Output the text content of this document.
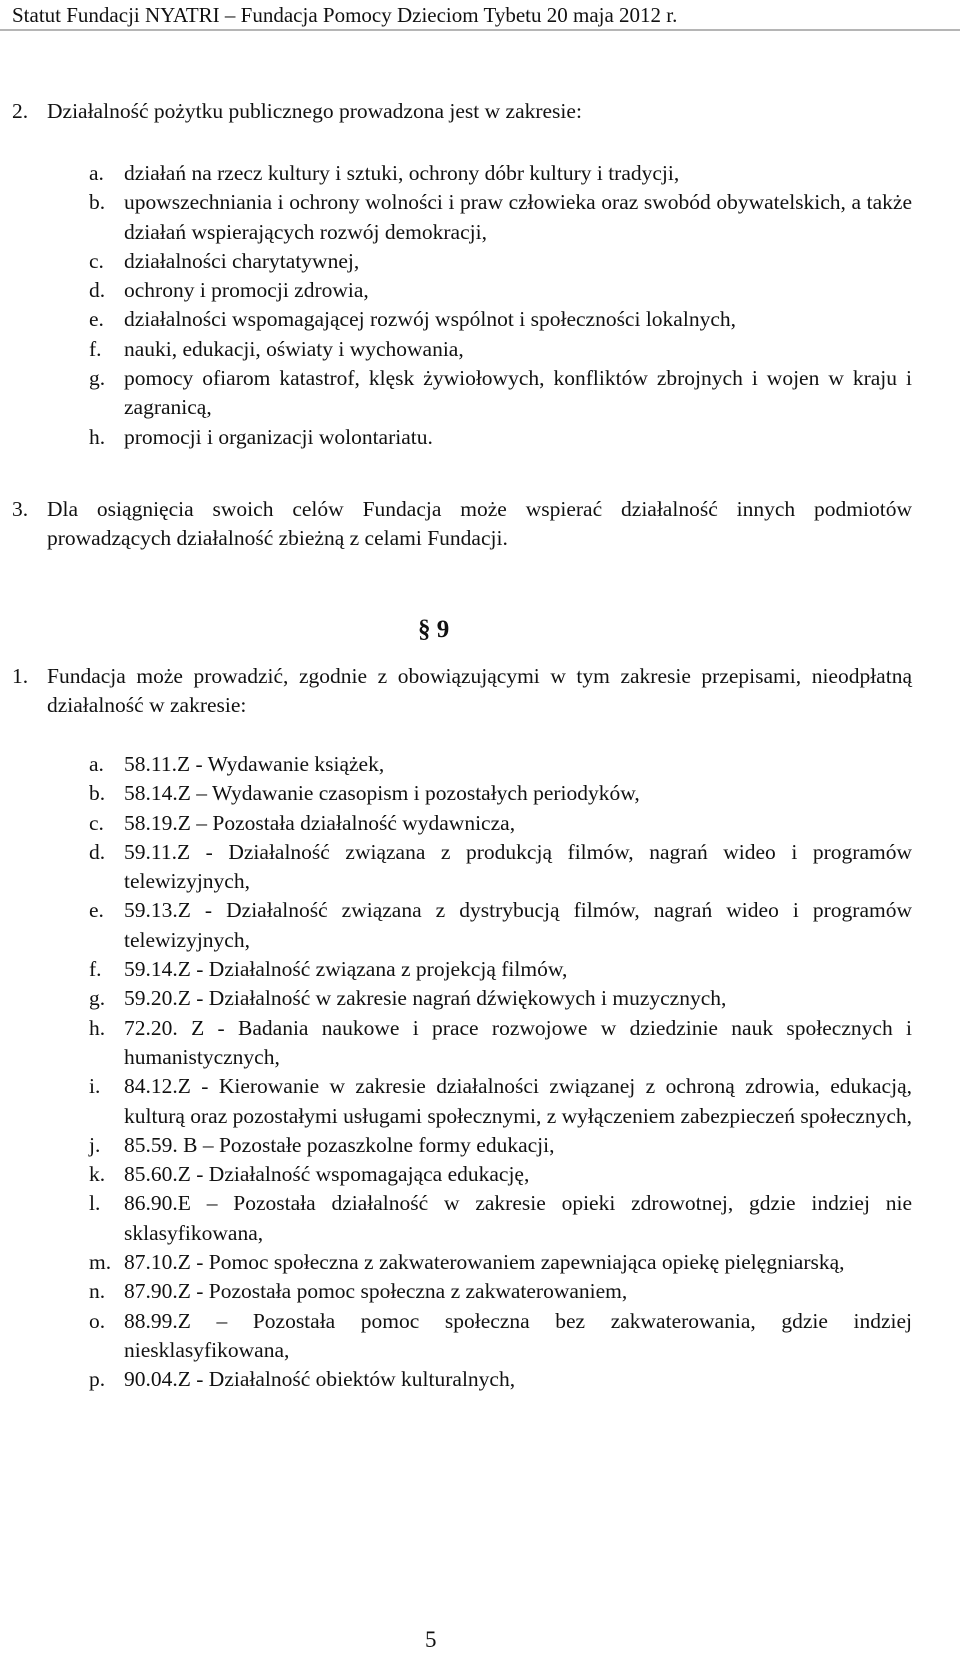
Statut Fundacji NYATRI – Fundacja Pomocy Dzieciom Tybetu 20 maja 2012 r.
2. Działalność pożytku publicznego prowadzona jest w zakresie:
a. działań na rzecz kultury i sztuki, ochrony dóbr kultury i tradycji,
b. upowszechniania i ochrony wolności i praw człowieka oraz swobód obywatelskich, a także działań wspierających rozwój demokracji,
c. działalności charytatywnej,
d. ochrony i promocji zdrowia,
e. działalności wspomagającej rozwój wspólnot i społeczności lokalnych,
f. nauki, edukacji, oświaty i wychowania,
g. pomocy ofiarom katastrof, klęsk żywiołowych, konfliktów zbrojnych i wojen w kraju i zagranicą,
h. promocji i organizacji wolontariatu.
3. Dla osiągnięcia swoich celów Fundacja może wspierać działalność innych podmiotów prowadzących działalność zbieżną z celami Fundacji.
§ 9
1. Fundacja może prowadzić, zgodnie z obowiązującymi w tym zakresie przepisami, nieodpłatną działalność w zakresie:
a. 58.11.Z - Wydawanie książek,
b. 58.14.Z – Wydawanie czasopism i pozostałych periodyków,
c. 58.19.Z – Pozostała działalność wydawnicza,
d. 59.11.Z - Działalność związana z produkcją filmów, nagrań wideo i programów telewizyjnych,
e. 59.13.Z - Działalność związana z dystrybucją filmów, nagrań wideo i programów telewizyjnych,
f. 59.14.Z - Działalność związana z projekcją filmów,
g. 59.20.Z - Działalność w zakresie nagrań dźwiękowych i muzycznych,
h. 72.20. Z - Badania naukowe i prace rozwojowe w dziedzinie nauk społecznych i humanistycznych,
i. 84.12.Z - Kierowanie w zakresie działalności związanej z ochroną zdrowia, edukacją, kulturą oraz pozostałymi usługami społecznymi, z wyłączeniem zabezpieczeń społecznych,
j. 85.59. B – Pozostałe pozaszkolne formy edukacji,
k. 85.60.Z - Działalność wspomagająca edukację,
l. 86.90.E – Pozostała działalność w zakresie opieki zdrowotnej, gdzie indziej nie sklasyfikowana,
m. 87.10.Z - Pomoc społeczna z zakwaterowaniem zapewniająca opiekę pielęgniarską,
n. 87.90.Z - Pozostała pomoc społeczna z zakwaterowaniem,
o. 88.99.Z – Pozostała pomoc społeczna bez zakwaterowania, gdzie indziej niesklasyfikowana,
p. 90.04.Z - Działalność obiektów kulturalnych,
5
